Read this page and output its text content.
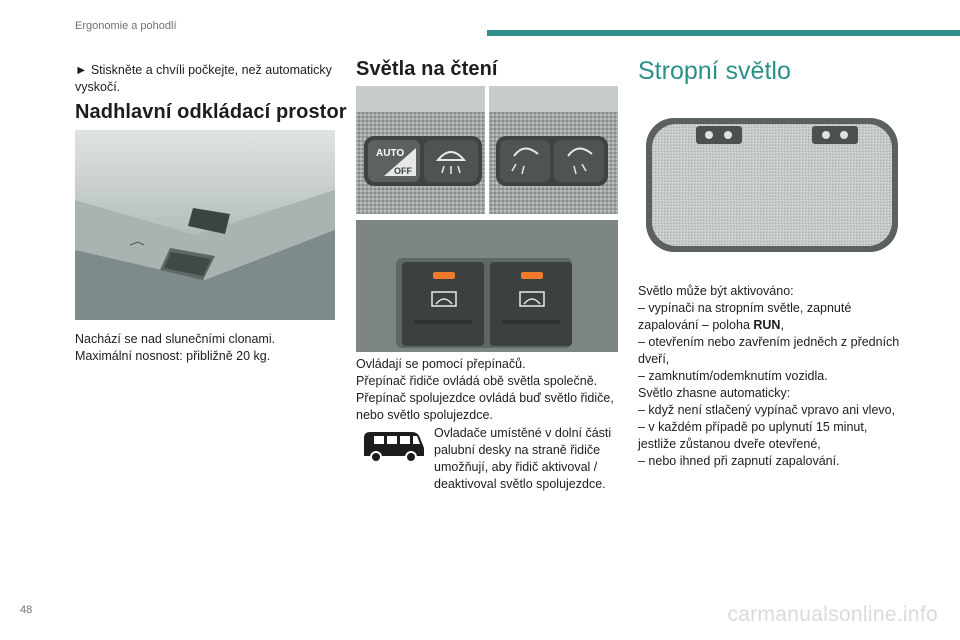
Ergonomie a pohodlí
► Stiskněte a chvíli počkejte, než automaticky
vyskočí.
Nadhlavní odkládací prostor
Nachází se nad slunečními clonami.
Maximální nosnost: přibližně 20 kg.
Světla na čtení
AUTO
OFF
Ovládají se pomocí přepínačů.
Přepínač řidiče ovládá obě světla společně.
Přepínač spolujezdce ovládá buď světlo řidiče,
nebo světlo spolujezdce.
Ovladače umístěné v dolní části
palubní desky na straně řidiče
umožňují, aby řidič aktivoval /
deaktivoval světlo spolujezdce.
Stropní světlo
Světlo může být aktivováno:
– vypínači na stropním světle, zapnuté
zapalování – poloha RUN,
– otevřením nebo zavřením jedněch z předních
dveří,
– zamknutím/odemknutím vozidla.
Světlo zhasne automaticky:
– když není stlačený vypínač vpravo ani vlevo,
– v každém případě po uplynutí 15 minut,
jestliže zůstanou dveře otevřené,
– nebo ihned při zapnutí zapalování.
48	carmanualsonline.info
